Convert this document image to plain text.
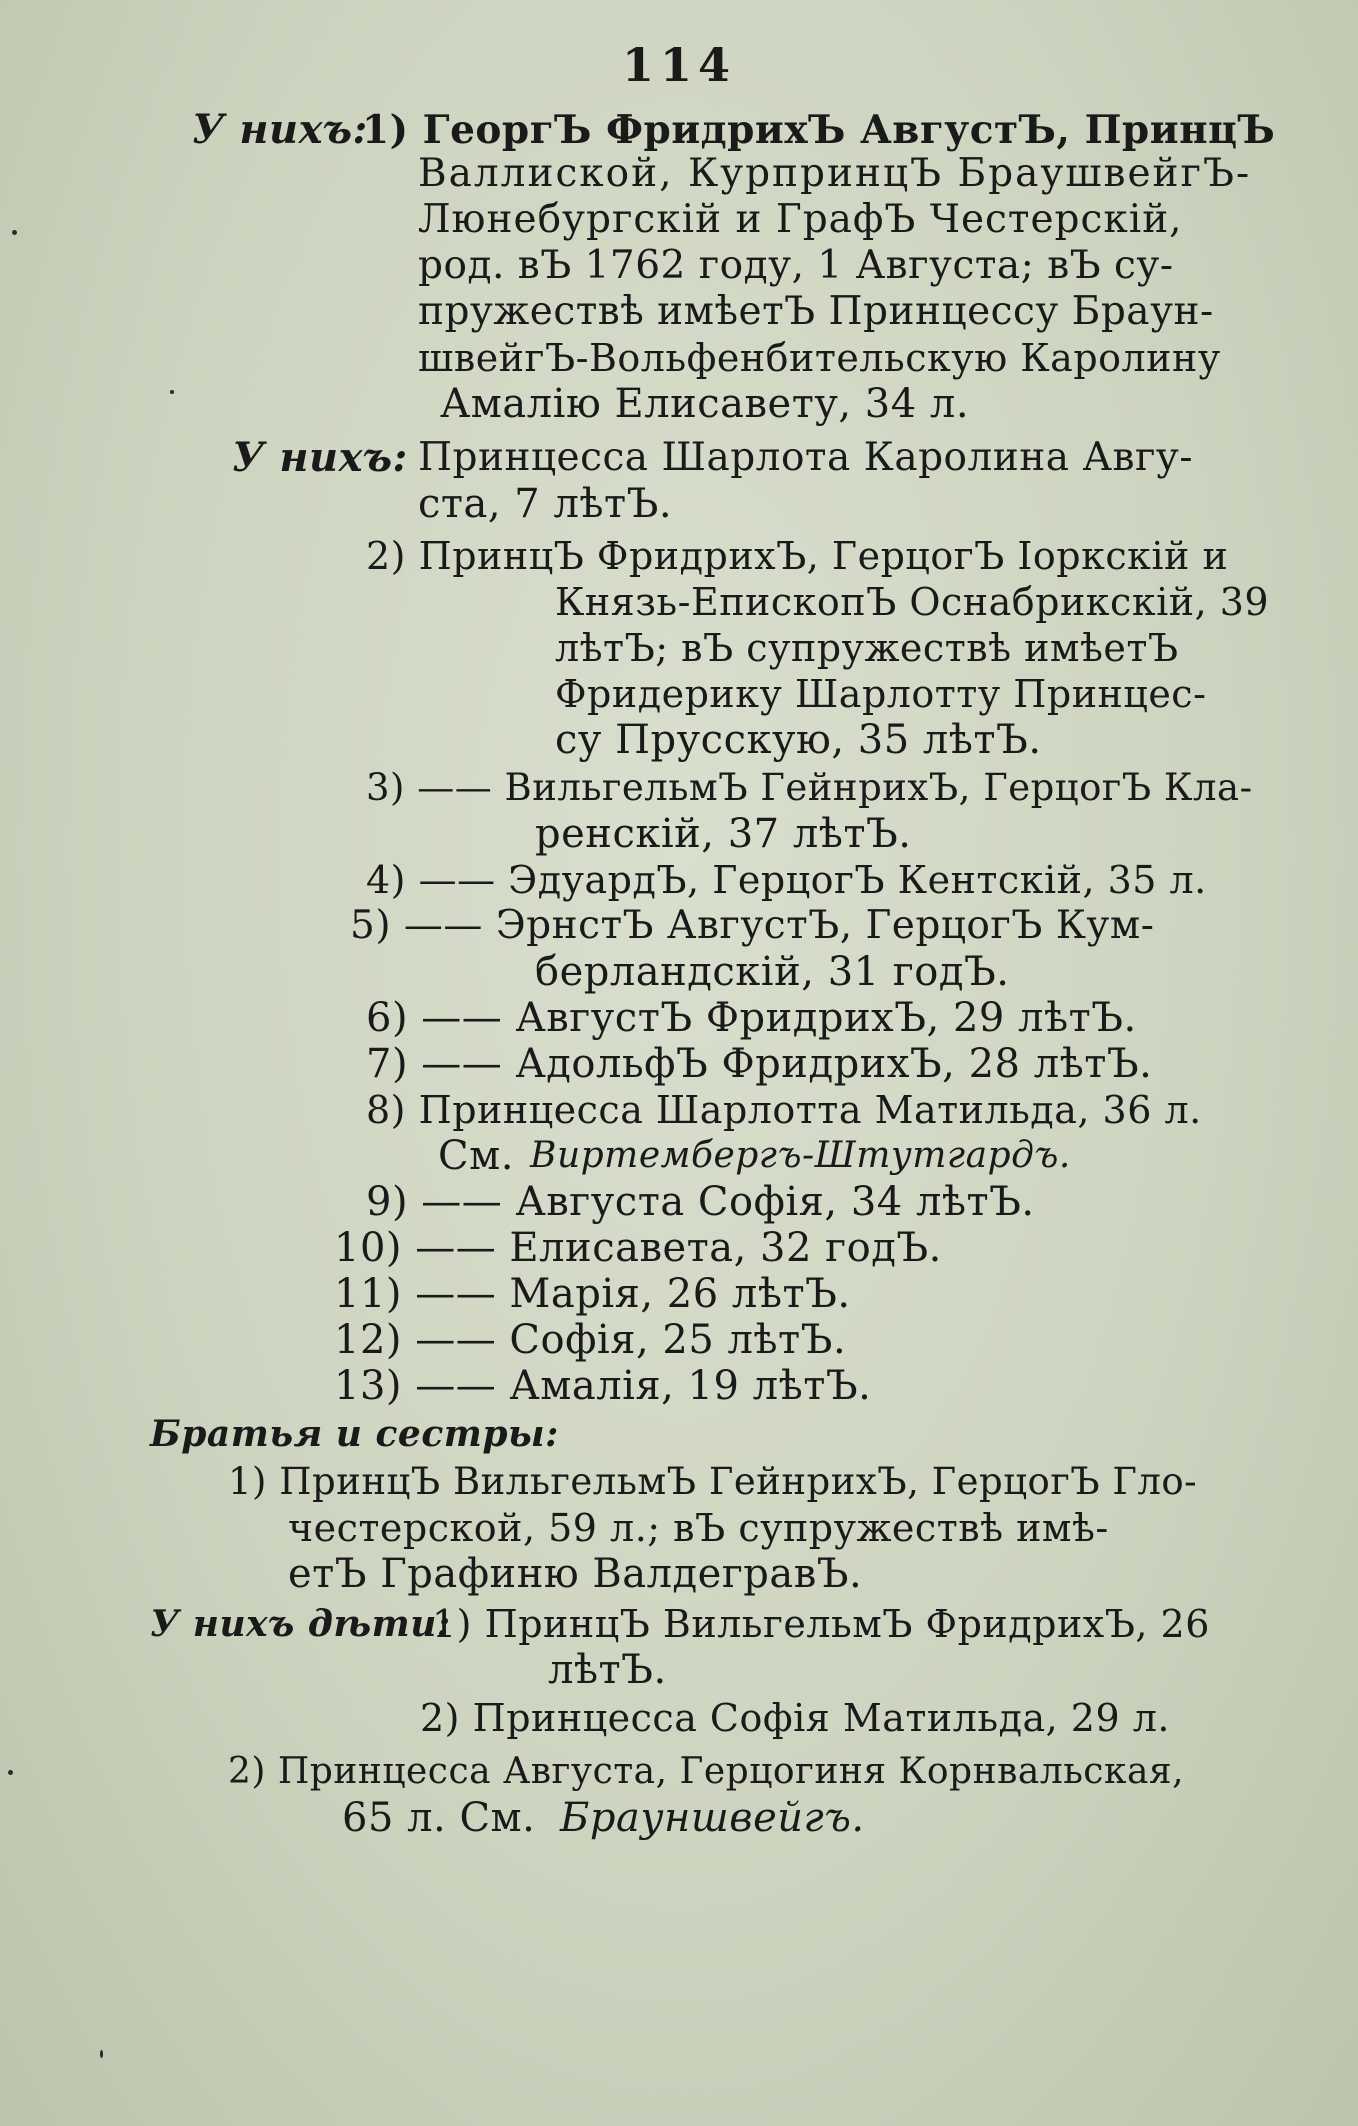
114
У нихъ:
1) ГеоргЪ ФридрихЪ АвгустЪ, ПринцЪ
Валлиской, КурпринцЪ БраушвейгЪ-
Люнебургскій и ГрафЪ Честерскій,
род. вЪ 1762 году, 1 Августа; вЪ су-
пружествѣ имѣетЪ Принцессу Браун-
швейгЪ-Вольфенбительскую Каролину
Амалію Елисавету, 34 л.
У нихъ: Принцесса Шарлота Каролина Авгу-
ста, 7 лѣтЪ.
2) ПринцЪ ФридрихЪ, ГерцогЪ Іоркскій и
Князь-ЕпископЪ Оснабрикскій, 39
лѣтЪ; вЪ супружествѣ имѣетЪ
Фридерику Шарлотту Принцес-
су Прусскую, 35 лѣтЪ.
3) —— ВильгельмЪ ГейнрихЪ, ГерцогЪ Кла-
ренскій, 37 лѣтЪ.
4) —— ЭдуардЪ, ГерцогЪ Кентскій, 35 л.
5) —— ЭрнстЪ АвгустЪ, ГерцогЪ Кум-
берландскій, 31 годЪ.
6) —— АвгустЪ ФридрихЪ, 29 лѣтЪ.
7) —— АдольфЪ ФридрихЪ, 28 лѣтЪ.
8) Принцесса Шарлотта Матильда, 36 л.
См. Виртембергъ-Штутгардъ.
9) —— Августа Софія, 34 лѣтЪ.
10) —— Елисавета, 32 годЪ.
11) —— Марія, 26 лѣтЪ.
12) —— Софія, 25 лѣтЪ.
13) —— Амалія, 19 лѣтЪ.
Братья и сестры:
1) ПринцЪ ВильгельмЪ ГейнрихЪ, ГерцогЪ Гло-
честерской, 59 л.; вЪ супружествѣ имѣ-
етЪ Графиню ВалдегравЪ.
У нихъ дѣти:
1) ПринцЪ ВильгельмЪ ФридрихЪ, 26
лѣтЪ.
2) Принцесса Софія Матильда, 29 л.
2) Принцесса Августа, Герцогиня Корнвальская,
65 л. См. Брауншвейгъ.
